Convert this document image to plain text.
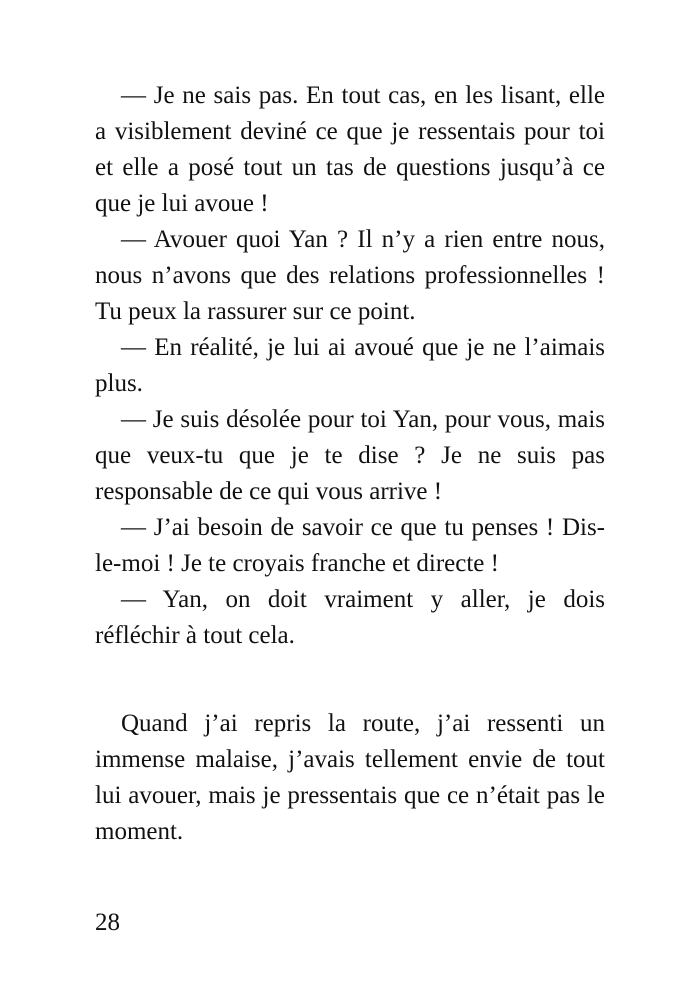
— Je ne sais pas. En tout cas, en les lisant, elle a visiblement deviné ce que je ressentais pour toi et elle a posé tout un tas de questions jusqu’à ce que je lui avoue !

— Avouer quoi Yan ? Il n’y a rien entre nous, nous n’avons que des relations professionnelles ! Tu peux la rassurer sur ce point.

— En réalité, je lui ai avoué que je ne l’aimais plus.

— Je suis désolée pour toi Yan, pour vous, mais que veux-tu que je te dise ? Je ne suis pas responsable de ce qui vous arrive !

— J’ai besoin de savoir ce que tu penses ! Dis-le-moi ! Je te croyais franche et directe !

— Yan, on doit vraiment y aller, je dois réfléchir à tout cela.

Quand j’ai repris la route, j’ai ressenti un immense malaise, j’avais tellement envie de tout lui avouer, mais je pressentais que ce n’était pas le moment.

28
